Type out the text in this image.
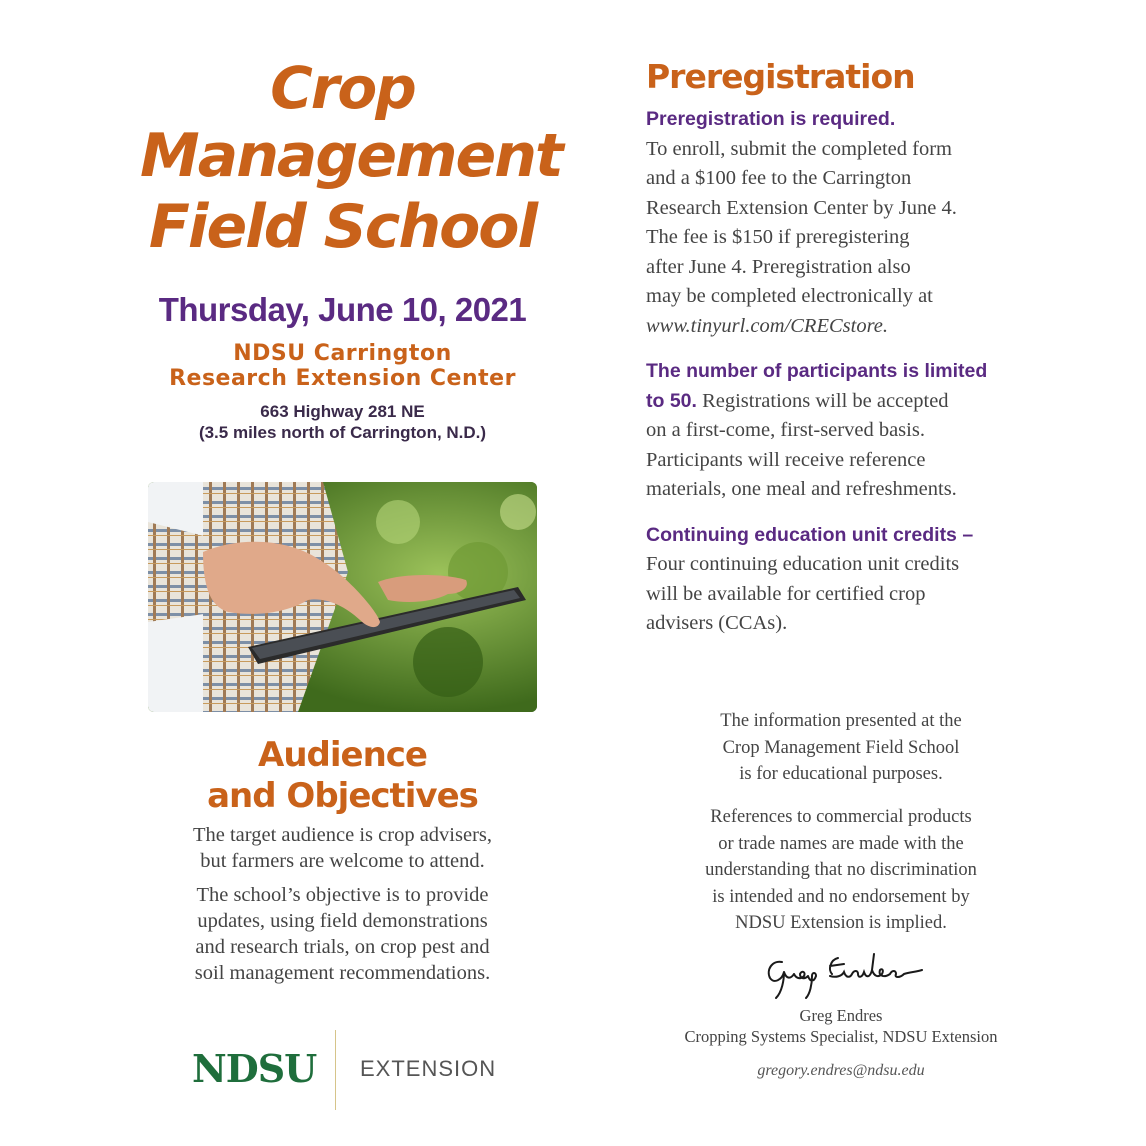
Crop
Management
Field School
Thursday, June 10, 2021
NDSU Carrington
Research Extension Center
663 Highway 281 NE
(3.5 miles north of Carrington, N.D.)
Audience
and Objectives
The target audience is crop advisers,
but farmers are welcome to attend.
The school’s objective is to provide
updates, using field demonstrations
and research trials, on crop pest and
soil management recommendations.
NDSU EXTENSION
Preregistration
Preregistration is required.
To enroll, submit the completed form
and a $100 fee to the Carrington
Research Extension Center by June 4.
The fee is $150 if preregistering
after June 4. Preregistration also
may be completed electronically at
www.tinyurl.com/CRECstore.
The number of participants is limited
to 50. Registrations will be accepted
on a first-come, first-served basis.
Participants will receive reference
materials, one meal and refreshments.
Continuing education unit credits –
Four continuing education unit credits
will be available for certified crop
advisers (CCAs).
The information presented at the
Crop Management Field School
is for educational purposes.
References to commercial products
or trade names are made with the
understanding that no discrimination
is intended and no endorsement by
NDSU Extension is implied.
Greg Endres
Cropping Systems Specialist, NDSU Extension
gregory.endres@ndsu.edu
